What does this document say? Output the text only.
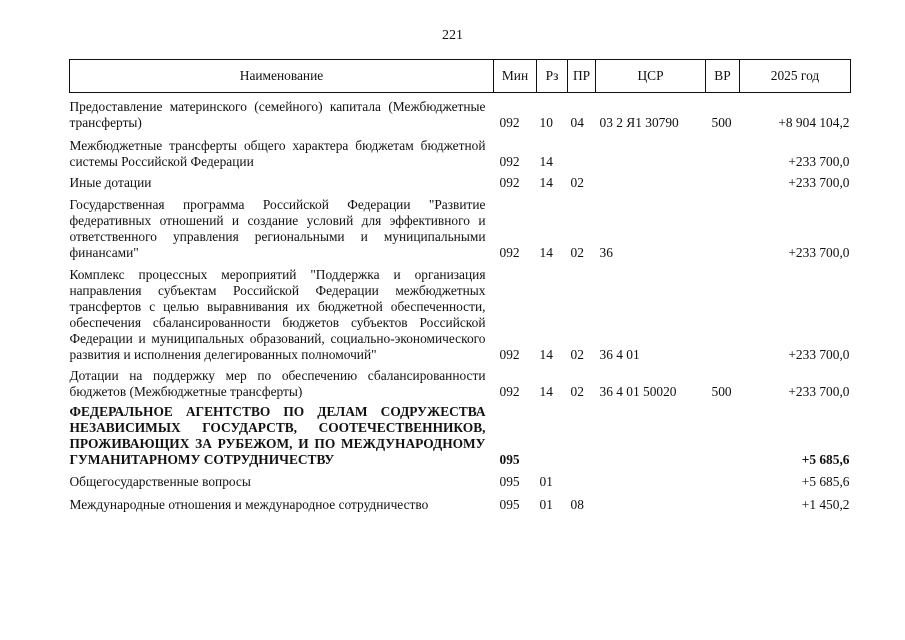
221
Наименование	Мин	Рз	ПР	ЦСР	ВР	2025 год
Предоставление материнского (семейного) капитала (Межбюджетные трансферты)	092	10	04	03 2 Я1 30790	500	+8 904 104,2
Межбюджетные трансферты общего характера бюджетам бюджетной системы Российской Федерации	092	14				+233 700,0
Иные дотации	092	14	02			+233 700,0
Государственная программа Российской Федерации "Развитие федеративных отношений и создание условий для эффективного и ответственного управления региональными и муниципальными финансами"	092	14	02	36		+233 700,0
Комплекс процессных мероприятий "Поддержка и организация направления субъектам Российской Федерации межбюджетных трансфертов с целью выравнивания их бюджетной обеспеченности, обеспечения сбалансированности бюджетов субъектов Российской Федерации и муниципальных образований, социально-экономического развития и исполнения делегированных полномочий"	092	14	02	36 4 01		+233 700,0
Дотации на поддержку мер по обеспечению сбалансированности бюджетов (Межбюджетные трансферты)	092	14	02	36 4 01 50020	500	+233 700,0
ФЕДЕРАЛЬНОЕ АГЕНТСТВО ПО ДЕЛАМ СОДРУЖЕСТВА НЕЗАВИСИМЫХ ГОСУДАРСТВ, СООТЕЧЕСТВЕННИКОВ, ПРОЖИВАЮЩИХ ЗА РУБЕЖОМ, И ПО МЕЖДУНАРОДНОМУ ГУМАНИТАРНОМУ СОТРУДНИЧЕСТВУ	095					+5 685,6
Общегосударственные вопросы	095	01				+5 685,6
Международные отношения и международное сотрудничество	095	01	08			+1 450,2
